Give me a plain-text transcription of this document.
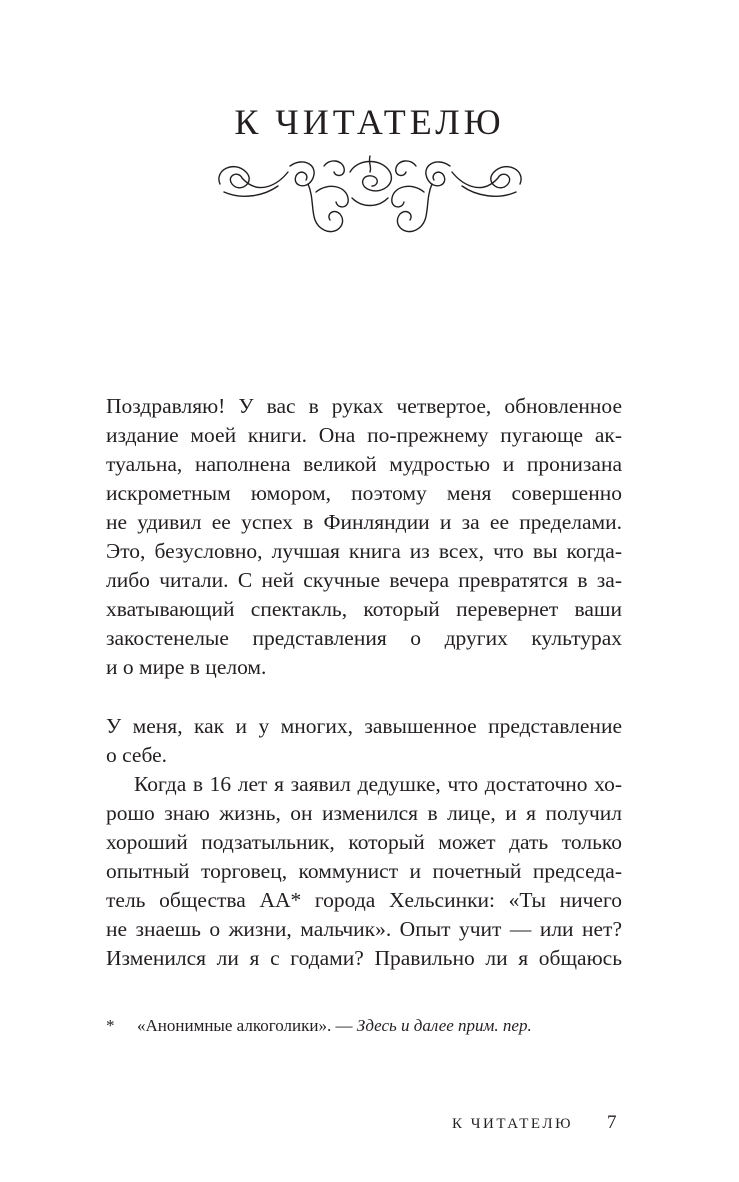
К ЧИТАТЕЛЮ
Поздравляю! У вас в руках четвертое, обновленное
издание моей книги. Она по-прежнему пугающе ак-
туальна, наполнена великой мудростью и пронизана
искрометным юмором, поэтому меня совершенно
не удивил ее успех в Финляндии и за ее пределами.
Это, безусловно, лучшая книга из всех, что вы когда-
либо читали. С ней скучные вечера превратятся в за-
хватывающий спектакль, который перевернет ваши
закостенелые представления о других культурах
и о мире в целом.
У меня, как и у многих, завышенное представление
о себе.
Когда в 16 лет я заявил дедушке, что достаточно хо-
рошо знаю жизнь, он изменился в лице, и я получил
хороший подзатыльник, который может дать только
опытный торговец, коммунист и почетный председа-
тель общества АА* города Хельсинки: «Ты ничего
не знаешь о жизни, мальчик». Опыт учит — или нет?
Изменился ли я с годами? Правильно ли я общаюсь
* «Анонимные алкоголики». — Здесь и далее прим. пер.
К ЧИТАТЕЛЮ 7
